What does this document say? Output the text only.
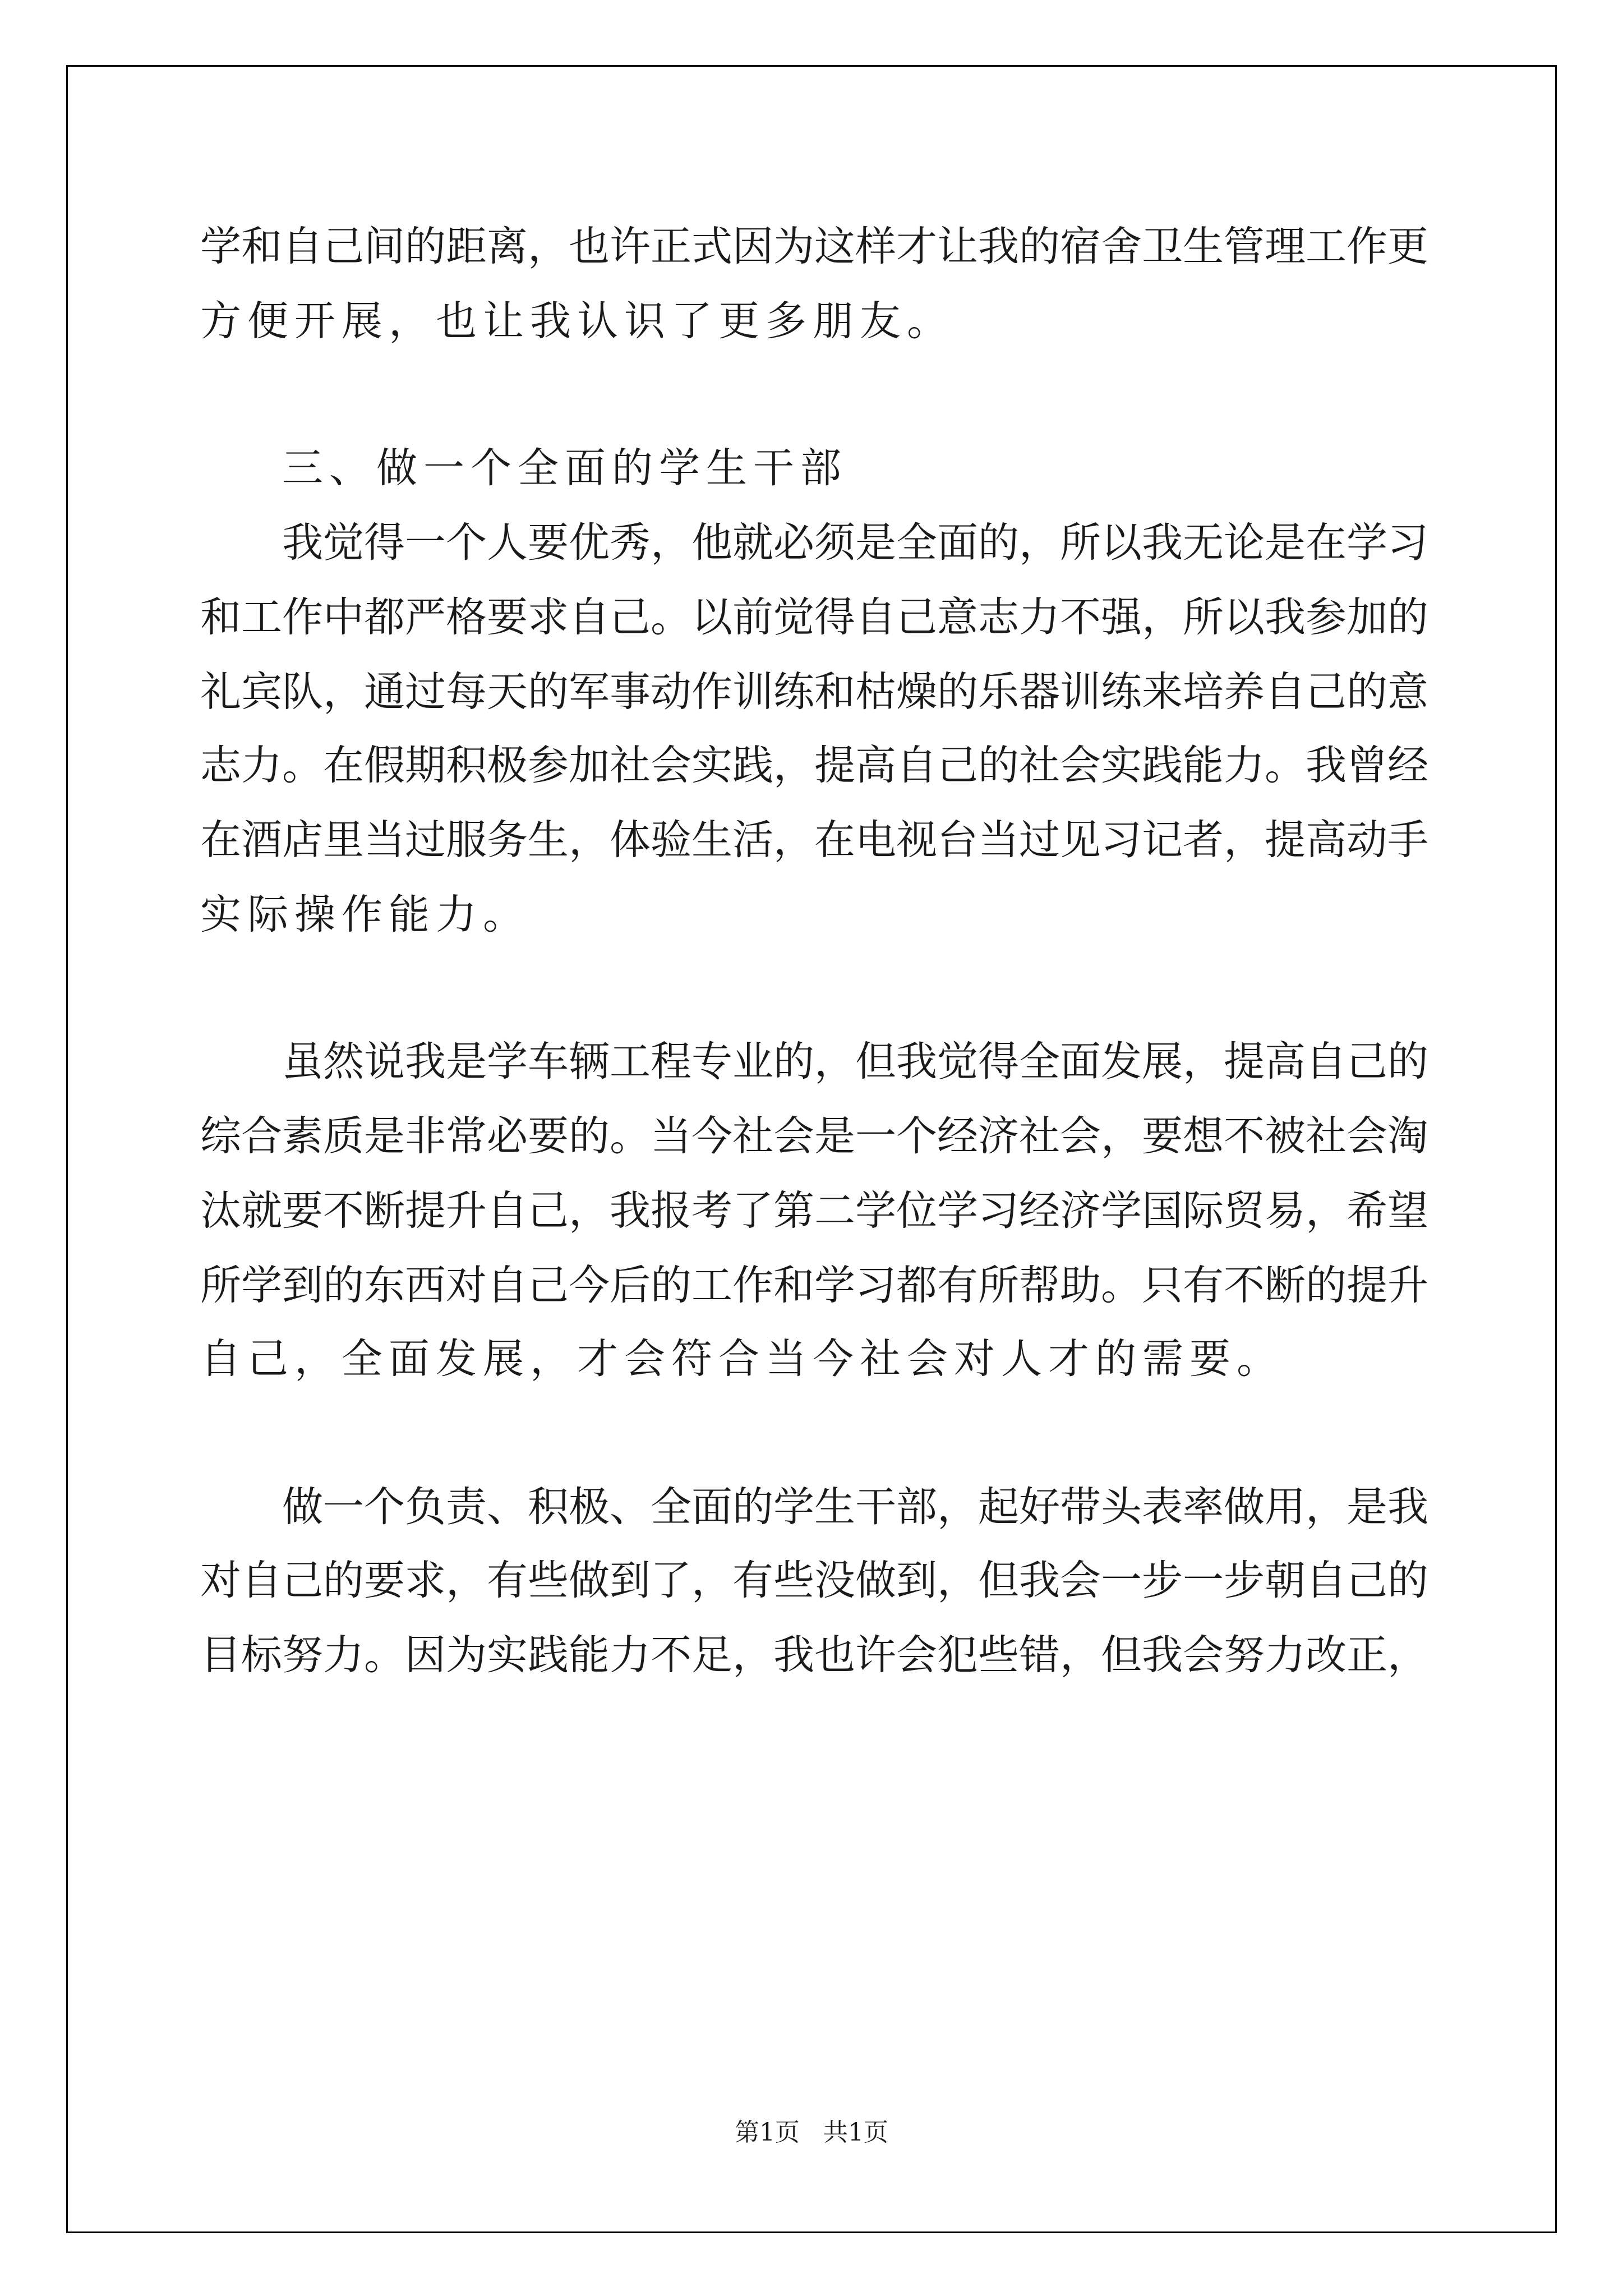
学和自己间的距离，也许正式因为这样才让我的宿舍卫生管理工作更
方便开展，也让我认识了更多朋友。
三、做一个全面的学生干部
我觉得一个人要优秀，他就必须是全面的，所以我无论是在学习
和工作中都严格要求自己。以前觉得自己意志力不强，所以我参加的
礼宾队，通过每天的军事动作训练和枯燥的乐器训练来培养自己的意
志力。在假期积极参加社会实践，提高自己的社会实践能力。我曾经
在酒店里当过服务生，体验生活，在电视台当过见习记者，提高动手
实际操作能力。
虽然说我是学车辆工程专业的，但我觉得全面发展，提高自己的
综合素质是非常必要的。当今社会是一个经济社会，要想不被社会淘
汰就要不断提升自己，我报考了第二学位学习经济学国际贸易，希望
所学到的东西对自己今后的工作和学习都有所帮助。只有不断的提升
自己，全面发展，才会符合当今社会对人才的需要。
做一个负责、积极、全面的学生干部，起好带头表率做用，是我
对自己的要求，有些做到了，有些没做到，但我会一步一步朝自己的
目标努力。因为实践能力不足，我也许会犯些错，但我会努力改正，
第1页   共1页
